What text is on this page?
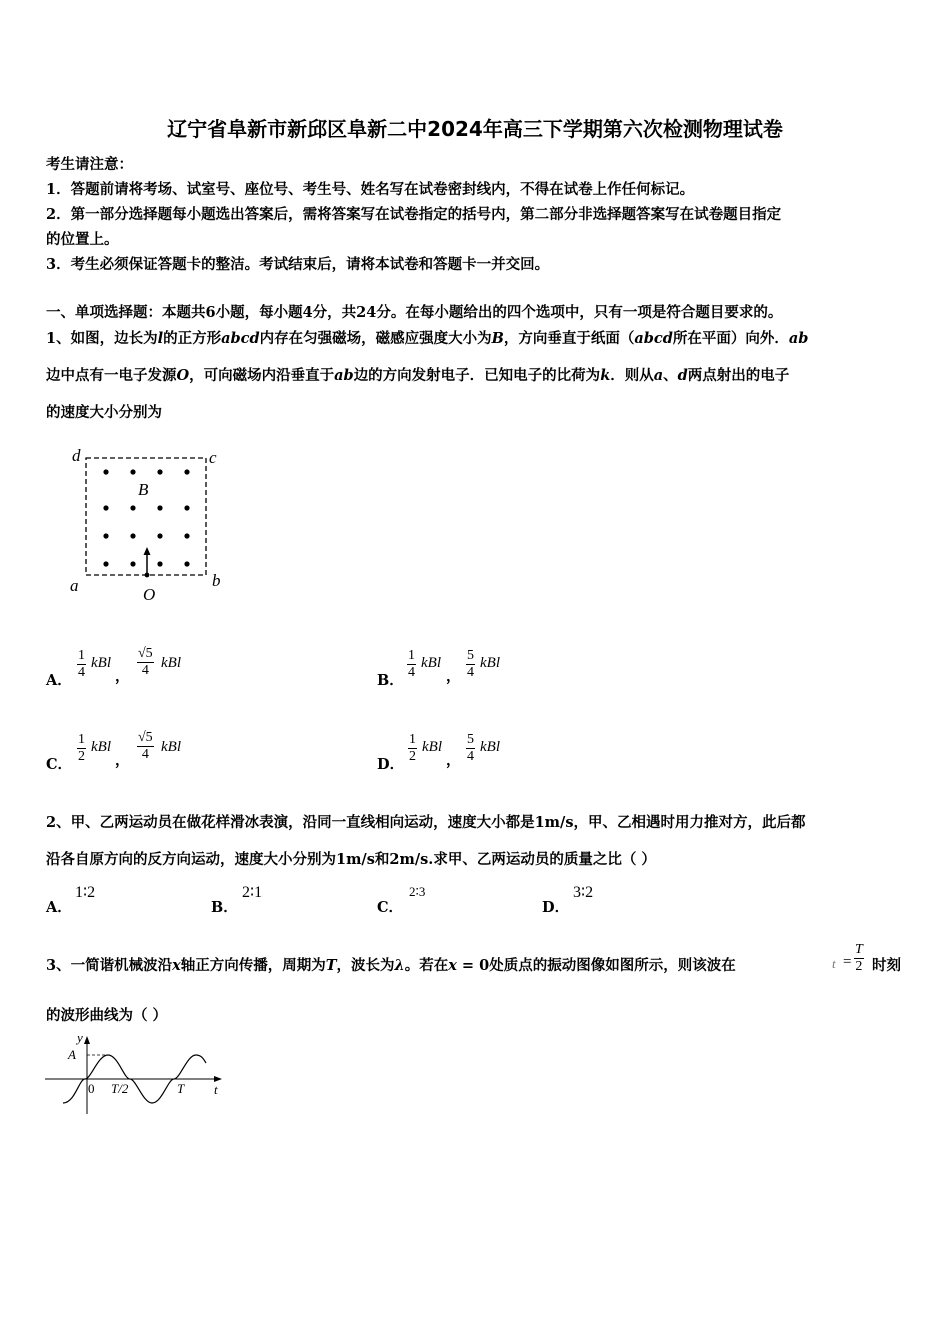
辽宁省阜新市新邱区阜新二中2024年高三下学期第六次检测物理试卷
考生请注意：
1．答题前请将考场、试室号、座位号、考生号、姓名写在试卷密封线内，不得在试卷上作任何标记。
2．第一部分选择题每小题选出答案后，需将答案写在试卷指定的括号内，第二部分非选择题答案写在试卷题目指定
的位置上。
3．考生必须保证答题卡的整洁。考试结束后，请将本试卷和答题卡一并交回。
一、单项选择题：本题共6小题，每小题4分，共24分。在每小题给出的四个选项中，只有一项是符合题目要求的。
1、如图，边长为l的正方形abcd内存在匀强磁场，磁感应强度大小为B，方向垂直于纸面（abcd所在平面）向外．ab
边中点有一电子发源O，可向磁场内沿垂直于ab边的方向发射电子．已知电子的比荷为k．则从a、d两点射出的电子
的速度大小分别为
d	c
a	b
B
O
A． $\frac{1}{4}$ kBl
， $\frac{√5}{4}$ kBl
B． $\frac{1}{4}$ kBl
， $\frac{5}{4}$ kBl
C． $\frac{1}{2}$ kBl
， $\frac{√5}{4}$ kBl
D． $\frac{1}{2}$ kBl
， $\frac{5}{4}$ kBl
2、甲、乙两运动员在做花样滑冰表演，沿同一直线相向运动，速度大小都是1m/s，甲、乙相遇时用力推对方，此后都
沿各自原方向的反方向运动，速度大小分别为1m/s和2m/s.求甲、乙两运动员的质量之比（ ）
A．
1∶2
B．
2∶1
C．
2∶3
D．
3∶2
3、一简谐机械波沿x轴正方向传播，周期为T，波长为λ。若在x = 0处质点的振动图像如图所示，则该波在	$t = \frac{T}{2}$ 时刻
的波形曲线为（ ）
y
A
0 T/2	T t
